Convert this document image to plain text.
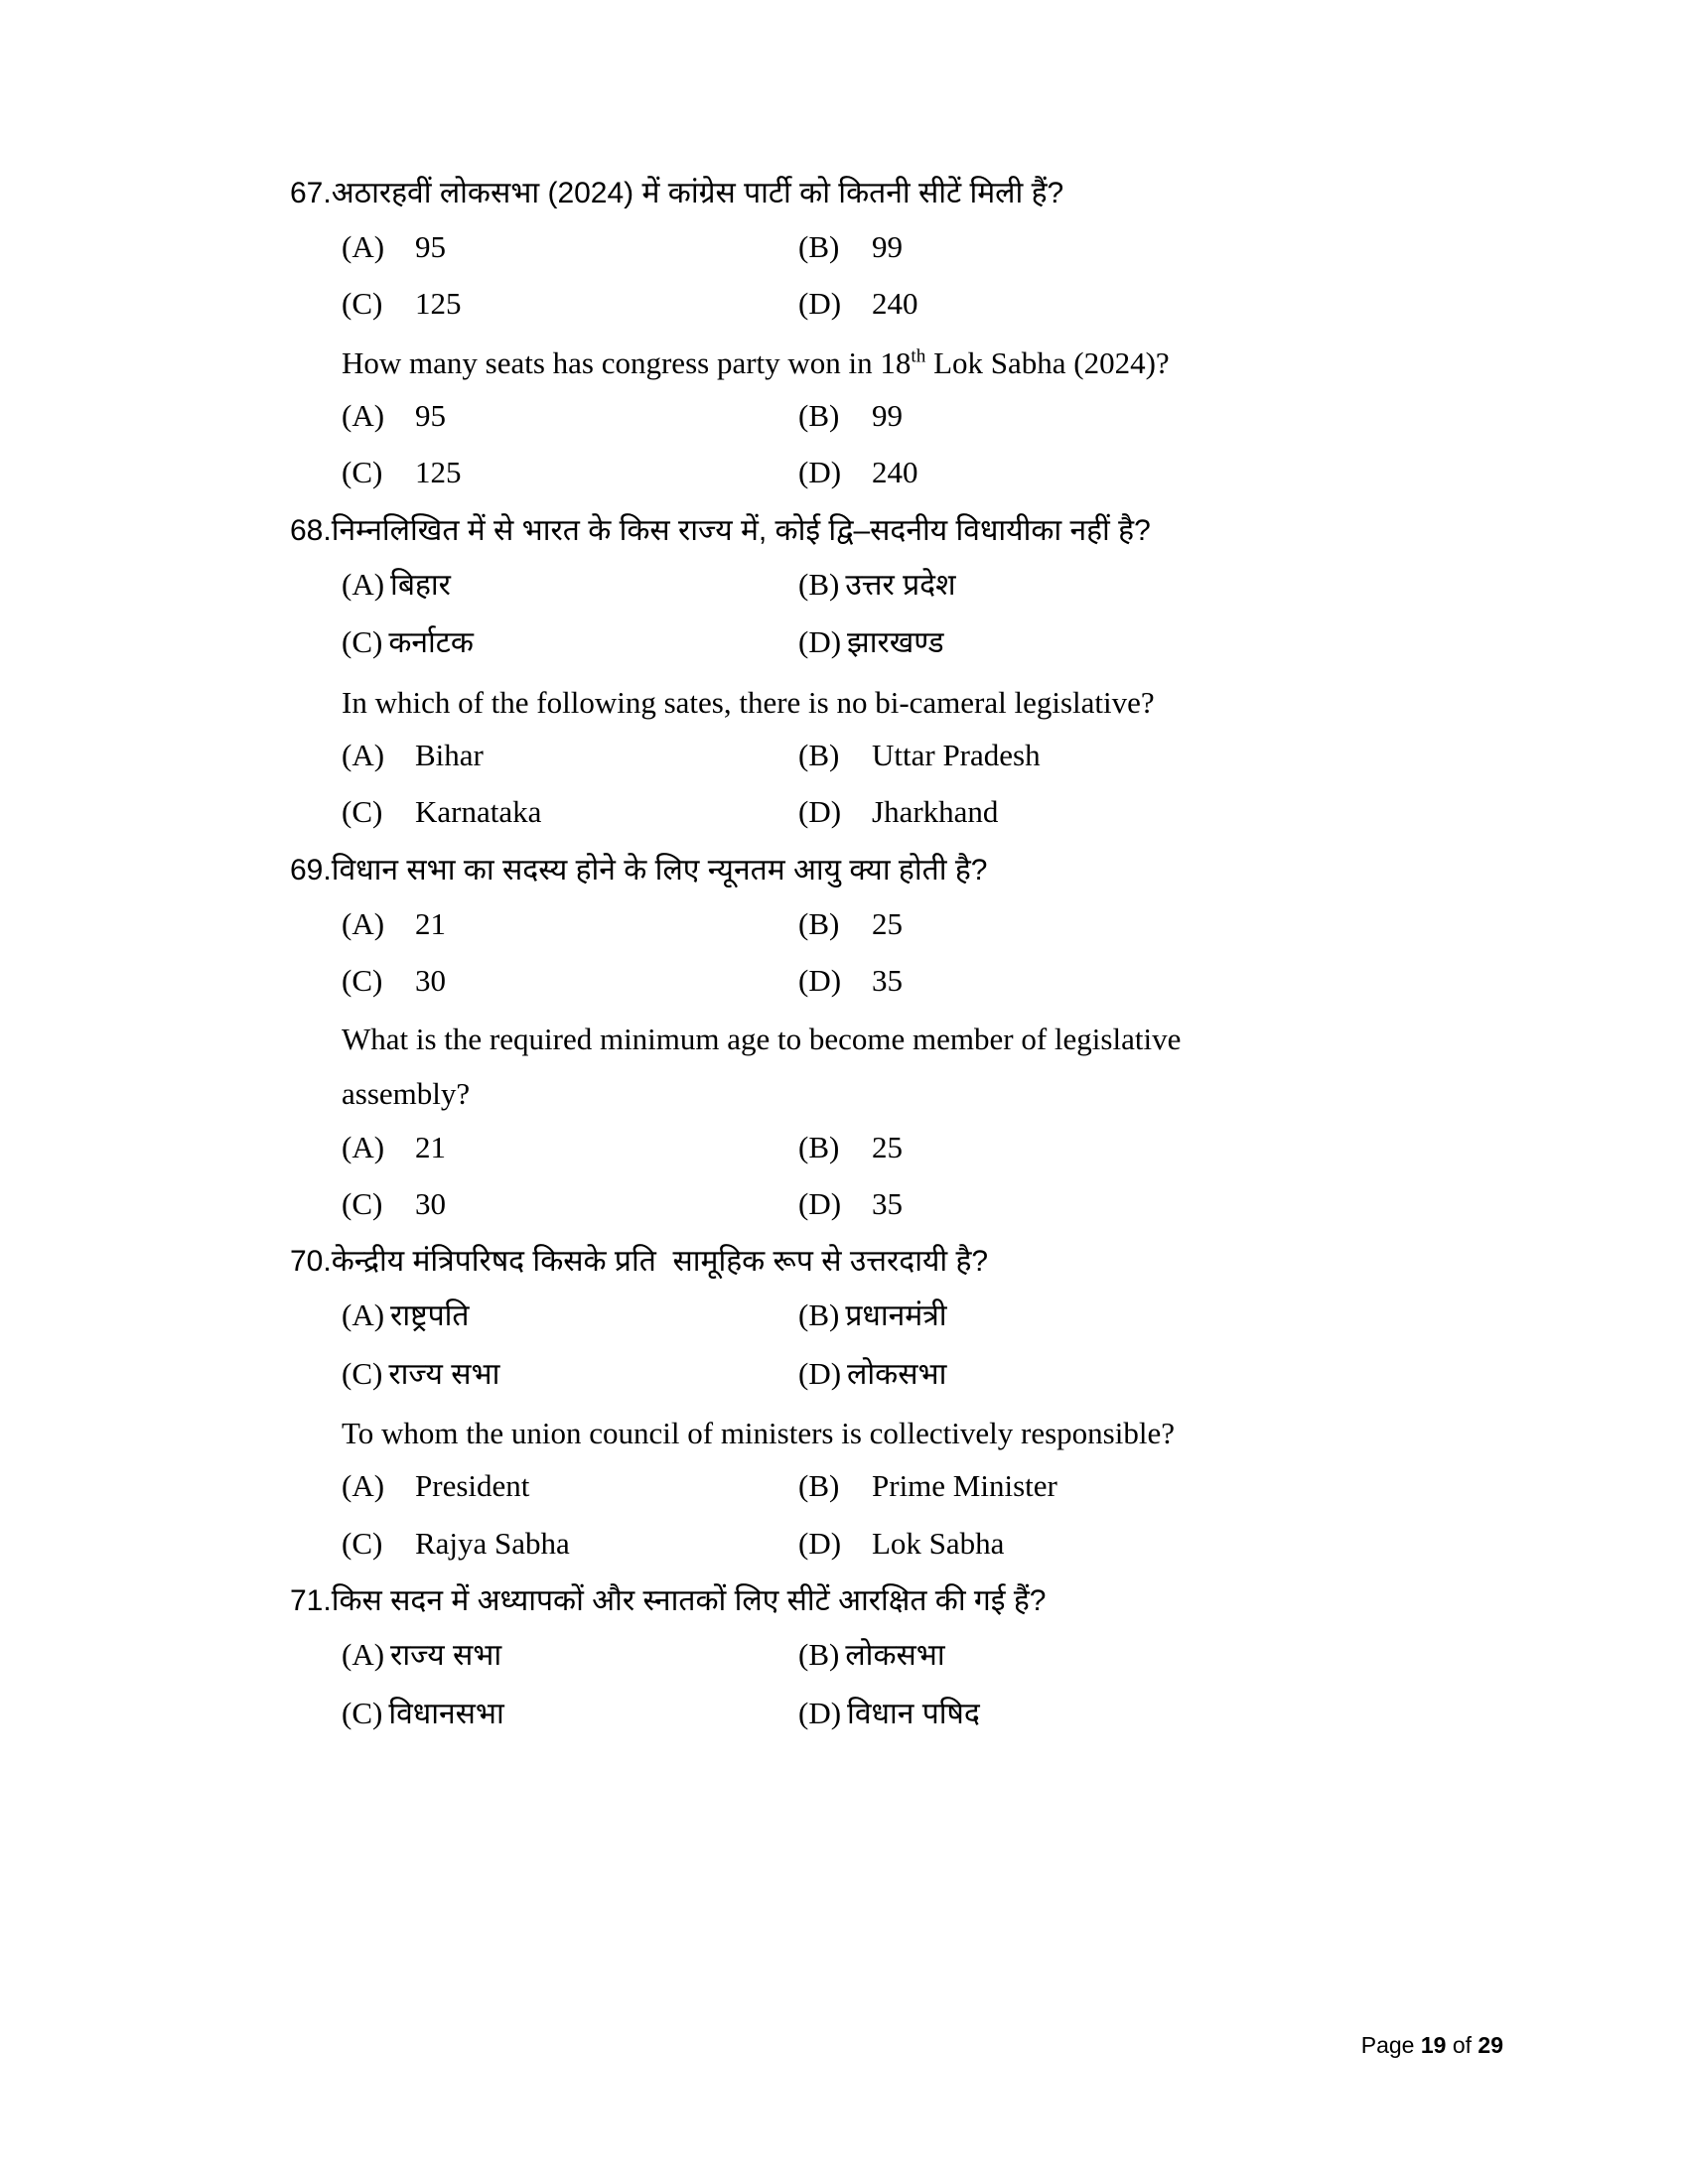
67. अठारहवीं लोकसभा (2024) में कांग्रेस पार्टी को कितनी सीटें मिली हैं?
(A) 95	(B)	99
(C)	125	(D) 240
How many seats has congress party won in 18th Lok Sabha (2024)?
(A) 95	(B)	99
(C)	125	(D) 240
68. निम्नलिखित में से भारत के किस राज्य में, कोई द्वि–सदनीय विधायीका नहीं है?
(A) बिहार	(B) उत्तर प्रदेश
(C) कर्नाटक	(D) झारखण्ड
In which of the following sates, there is no bi-cameral legislative?
(A) Bihar	(B)	Uttar Pradesh
(C)	Karnataka	(D) Jharkhand
69. विधान सभा का सदस्य होने के लिए न्यूनतम आयु क्या होती है?
(A) 21	(B)	25
(C)	30	(D) 35
What is the required minimum age to become member of legislative
assembly?
(A) 21	(B)	25
(C)	30	(D) 35
70. केन्द्रीय मंत्रिपरिषद किसके प्रति  सामूहिक रूप से उत्तरदायी है?
(A) राष्ट्रपति	(B) प्रधानमंत्री
(C) राज्य सभा	(D) लोकसभा
To whom the union council of ministers is collectively responsible?
(A) President	(B)	Prime Minister
(C)	Rajya Sabha	(D) Lok Sabha
71. किस सदन में अध्यापकों और स्नातकों लिए सीटें आरक्षित की गई हैं?
(A) राज्य सभा	(B) लोकसभा
(C) विधानसभा	(D) विधान पषिद
Page 19 of 29
